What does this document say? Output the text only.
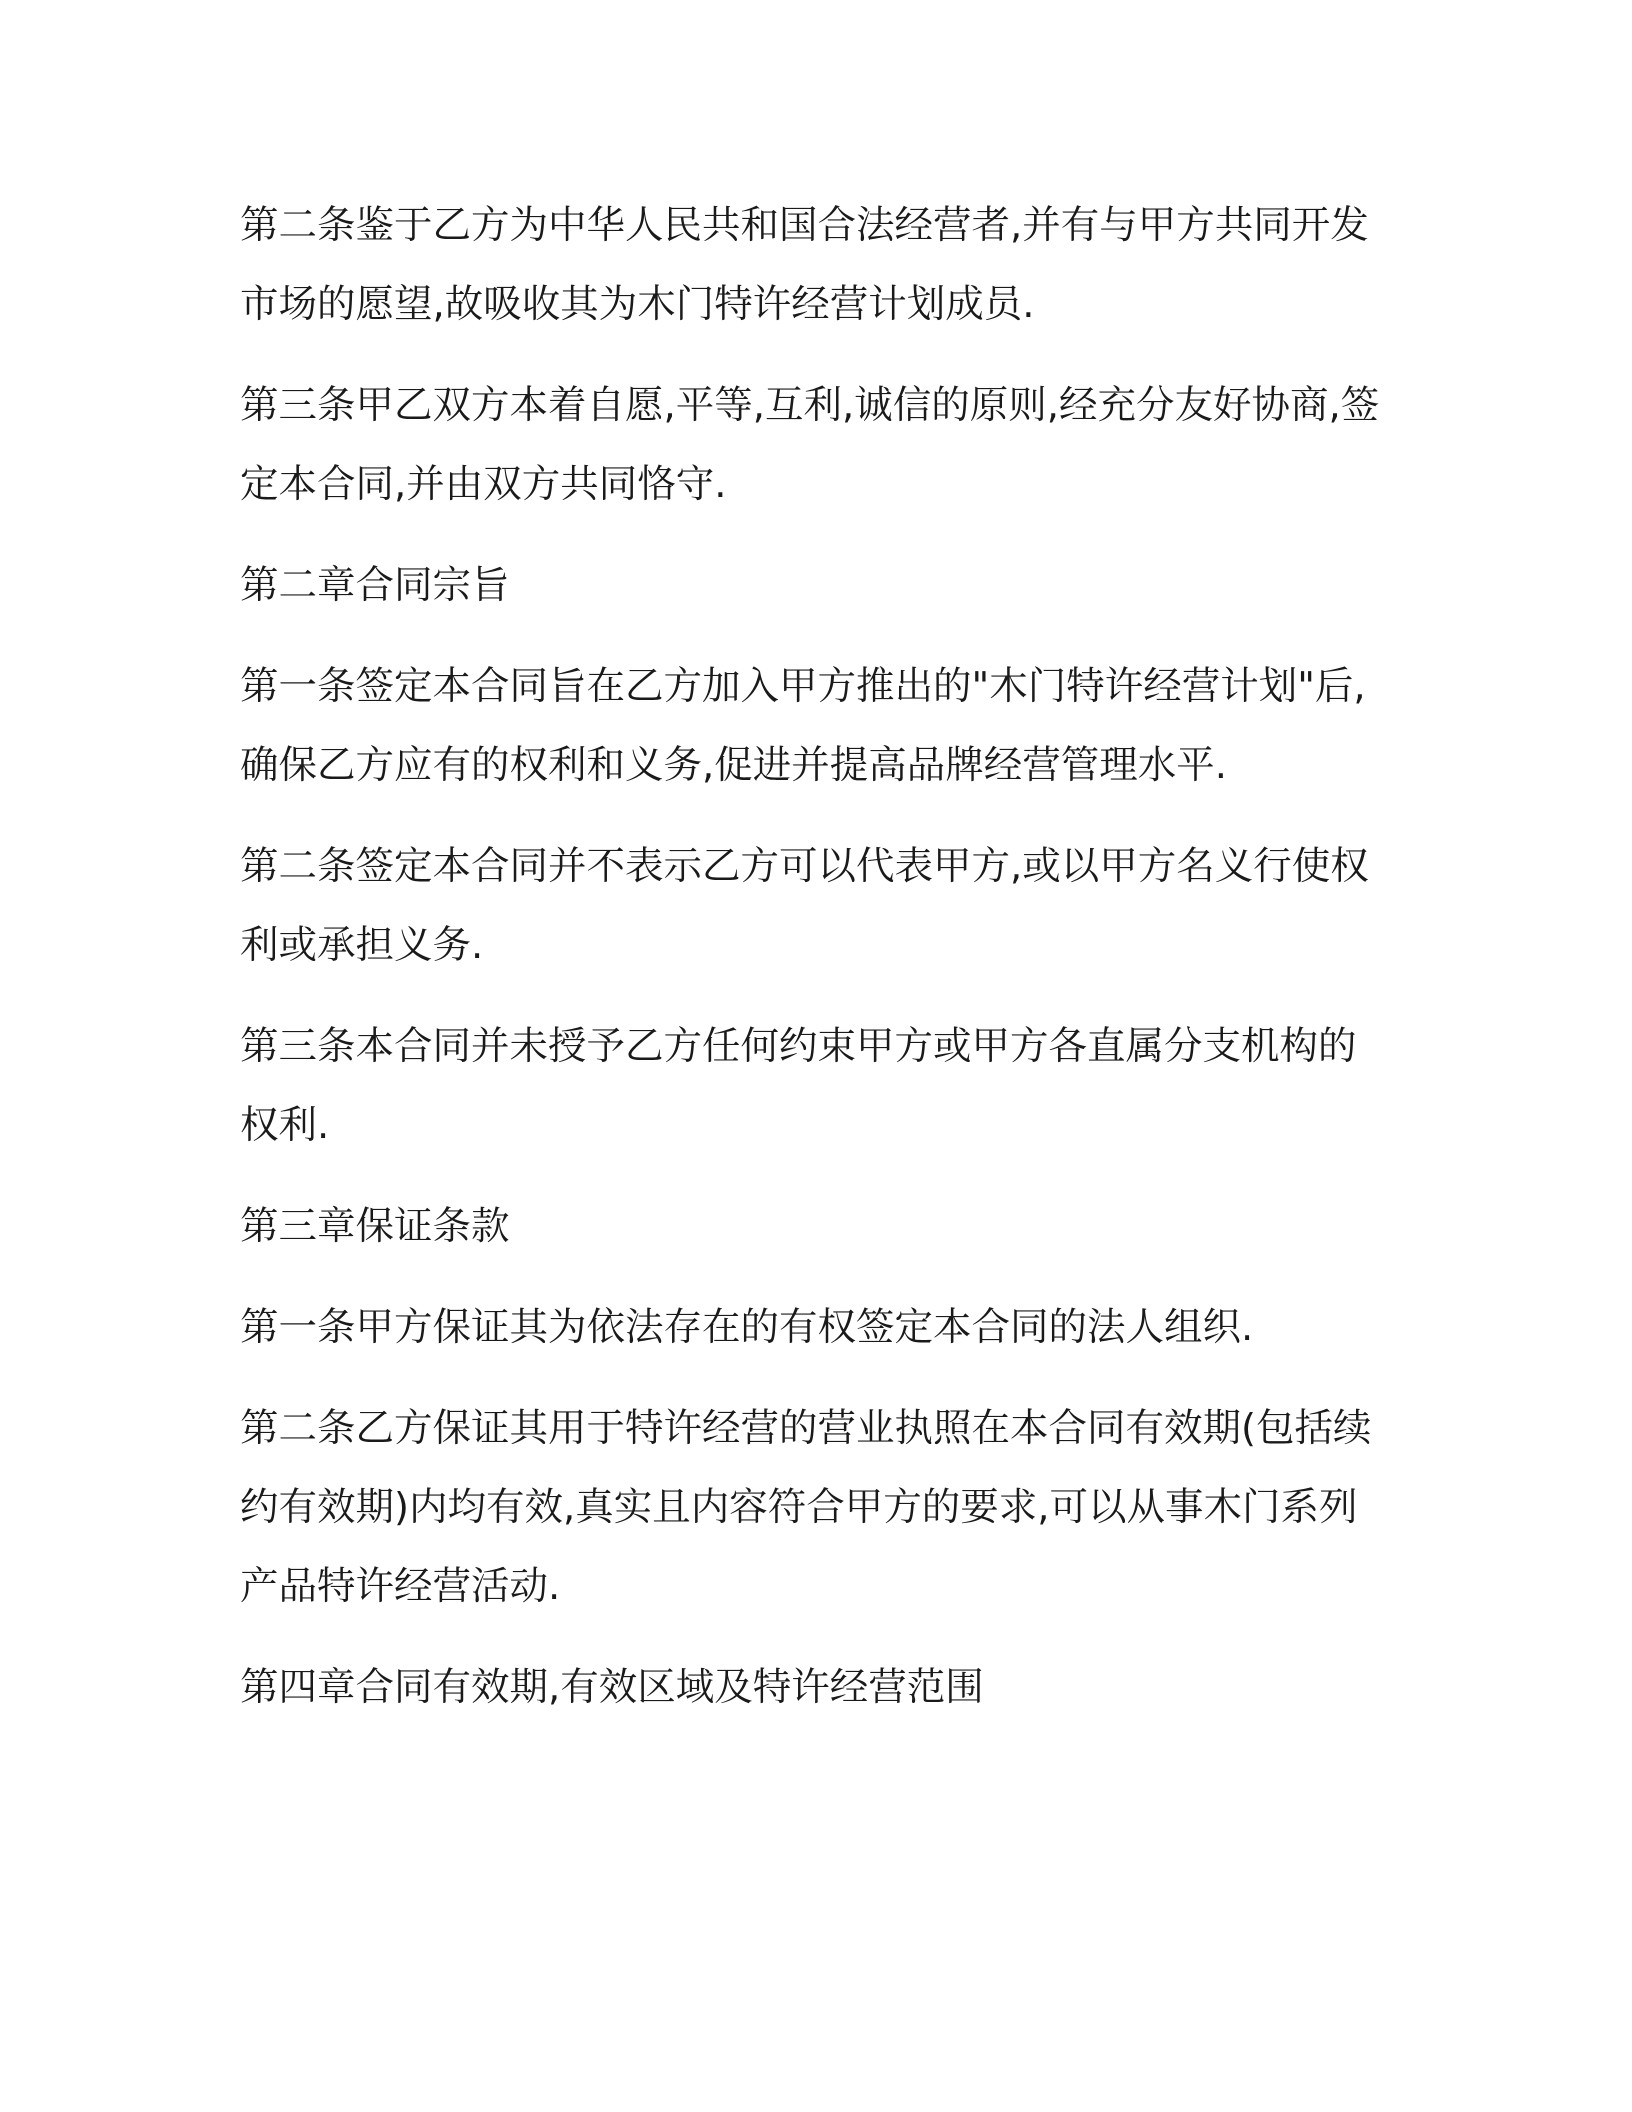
第二条鉴于乙方为中华人民共和国合法经营者,并有与甲方共同开发市场的愿望,故吸收其为木门特许经营计划成员.

第三条甲乙双方本着自愿,平等,互利,诚信的原则,经充分友好协商,签定本合同,并由双方共同恪守.

第二章合同宗旨

第一条签定本合同旨在乙方加入甲方推出的"木门特许经营计划"后,确保乙方应有的权利和义务,促进并提高品牌经营管理水平.

第二条签定本合同并不表示乙方可以代表甲方,或以甲方名义行使权利或承担义务.

第三条本合同并未授予乙方任何约束甲方或甲方各直属分支机构的权利.

第三章保证条款

第一条甲方保证其为依法存在的有权签定本合同的法人组织.

第二条乙方保证其用于特许经营的营业执照在本合同有效期(包括续约有效期)内均有效,真实且内容符合甲方的要求,可以从事木门系列产品特许经营活动.

第四章合同有效期,有效区域及特许经营范围
